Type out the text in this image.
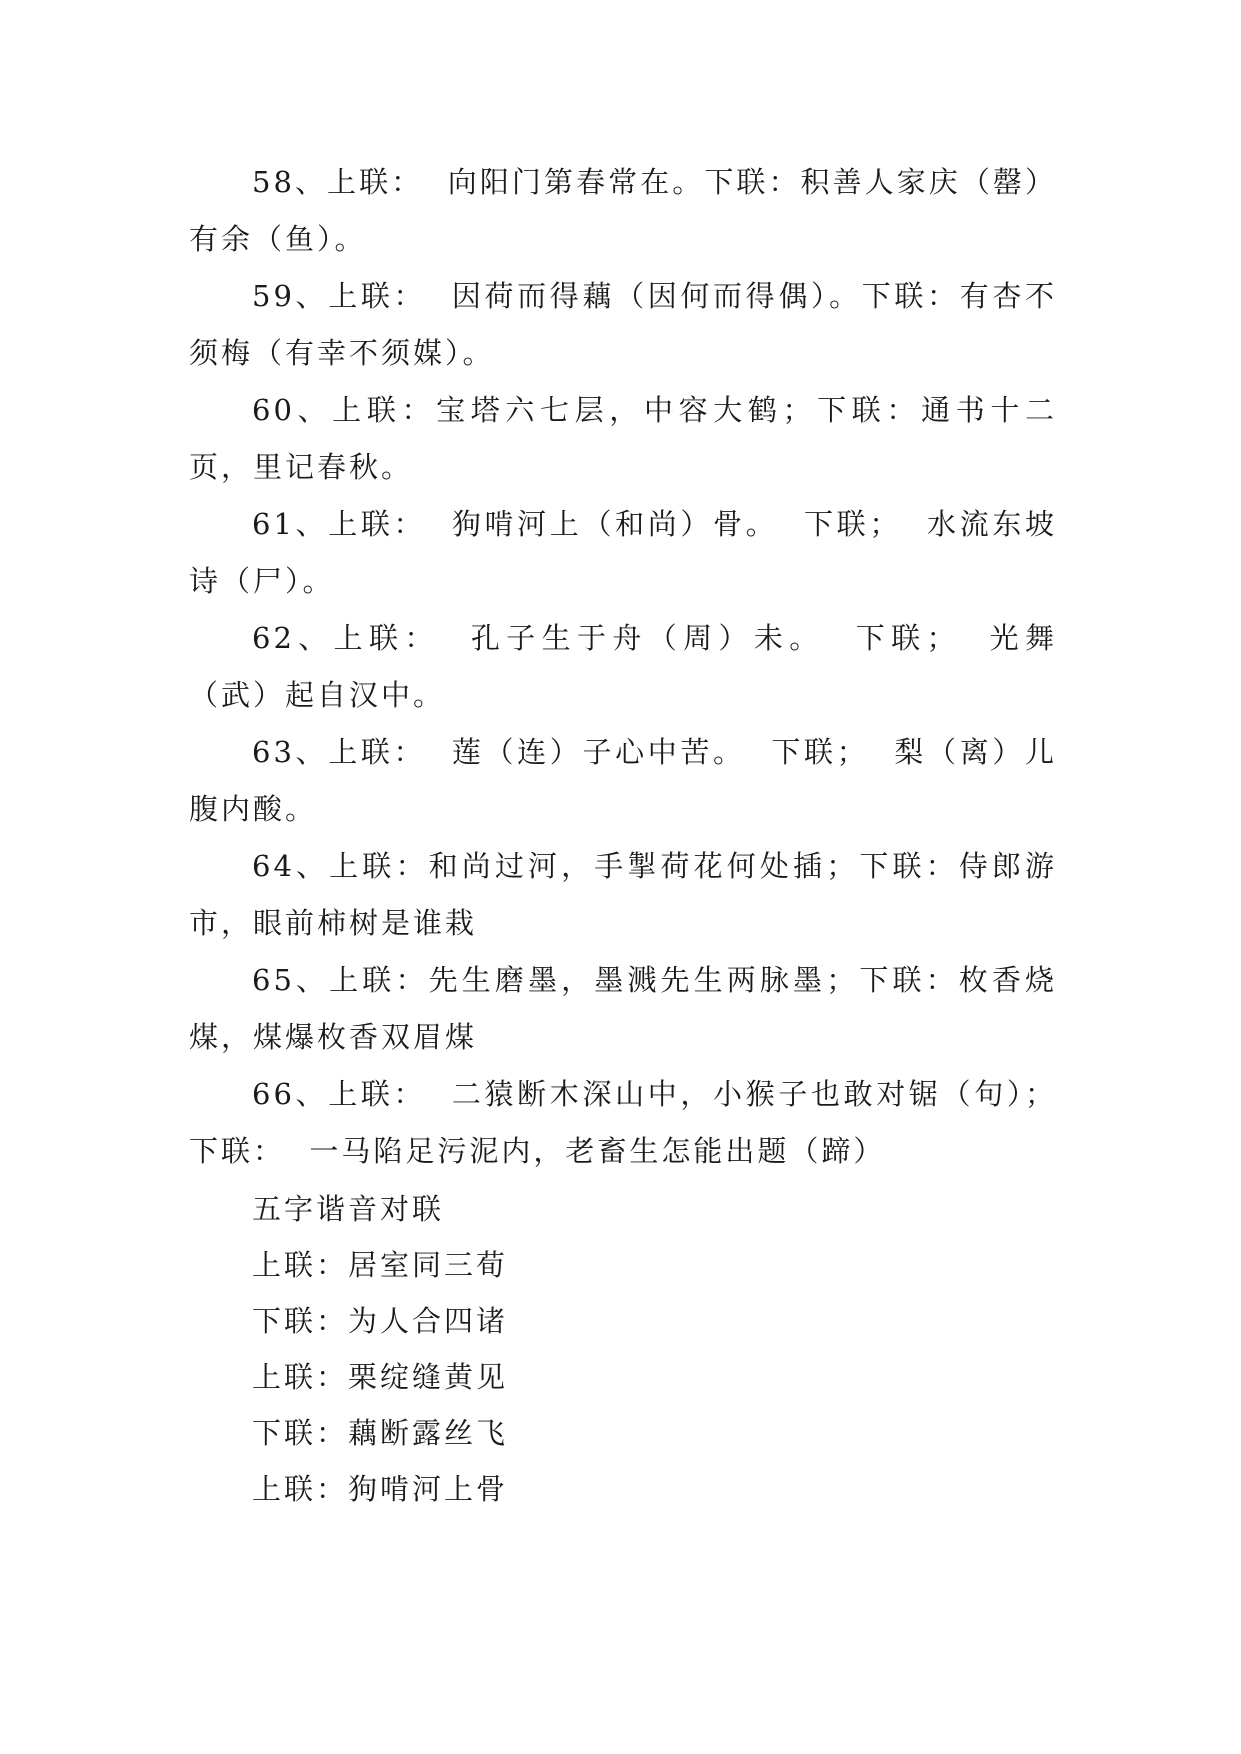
58、上联：  向阳门第春常在。下联：积善人家庆（罄）有余（鱼）。

59、上联：  因荷而得藕（因何而得偶）。下联：有杏不须梅（有幸不须媒）。

60、上联：宝塔六七层，中容大鹤；下联：通书十二页，里记春秋。

61、上联：  狗啃河上（和尚）骨。  下联；  水流东坡诗（尸）。

62、上联：  孔子生于舟（周）未。  下联；  光舞（武）起自汉中。

63、上联：  莲（连）子心中苦。  下联；  梨（离）儿腹内酸。

64、上联：和尚过河，手掣荷花何处插；下联：侍郎游市，眼前柿树是谁栽

65、上联：先生磨墨，墨溅先生两脉墨；下联：枚香烧煤，煤爆枚香双眉煤

66、上联：  二猿断木深山中，小猴子也敢对锯（句）；下联：  一马陷足污泥内，老畜生怎能出题（蹄）

五字谐音对联

上联：居室同三荀

下联：为人合四诸

上联：栗绽缝黄见

下联：藕断露丝飞

上联：狗啃河上骨
